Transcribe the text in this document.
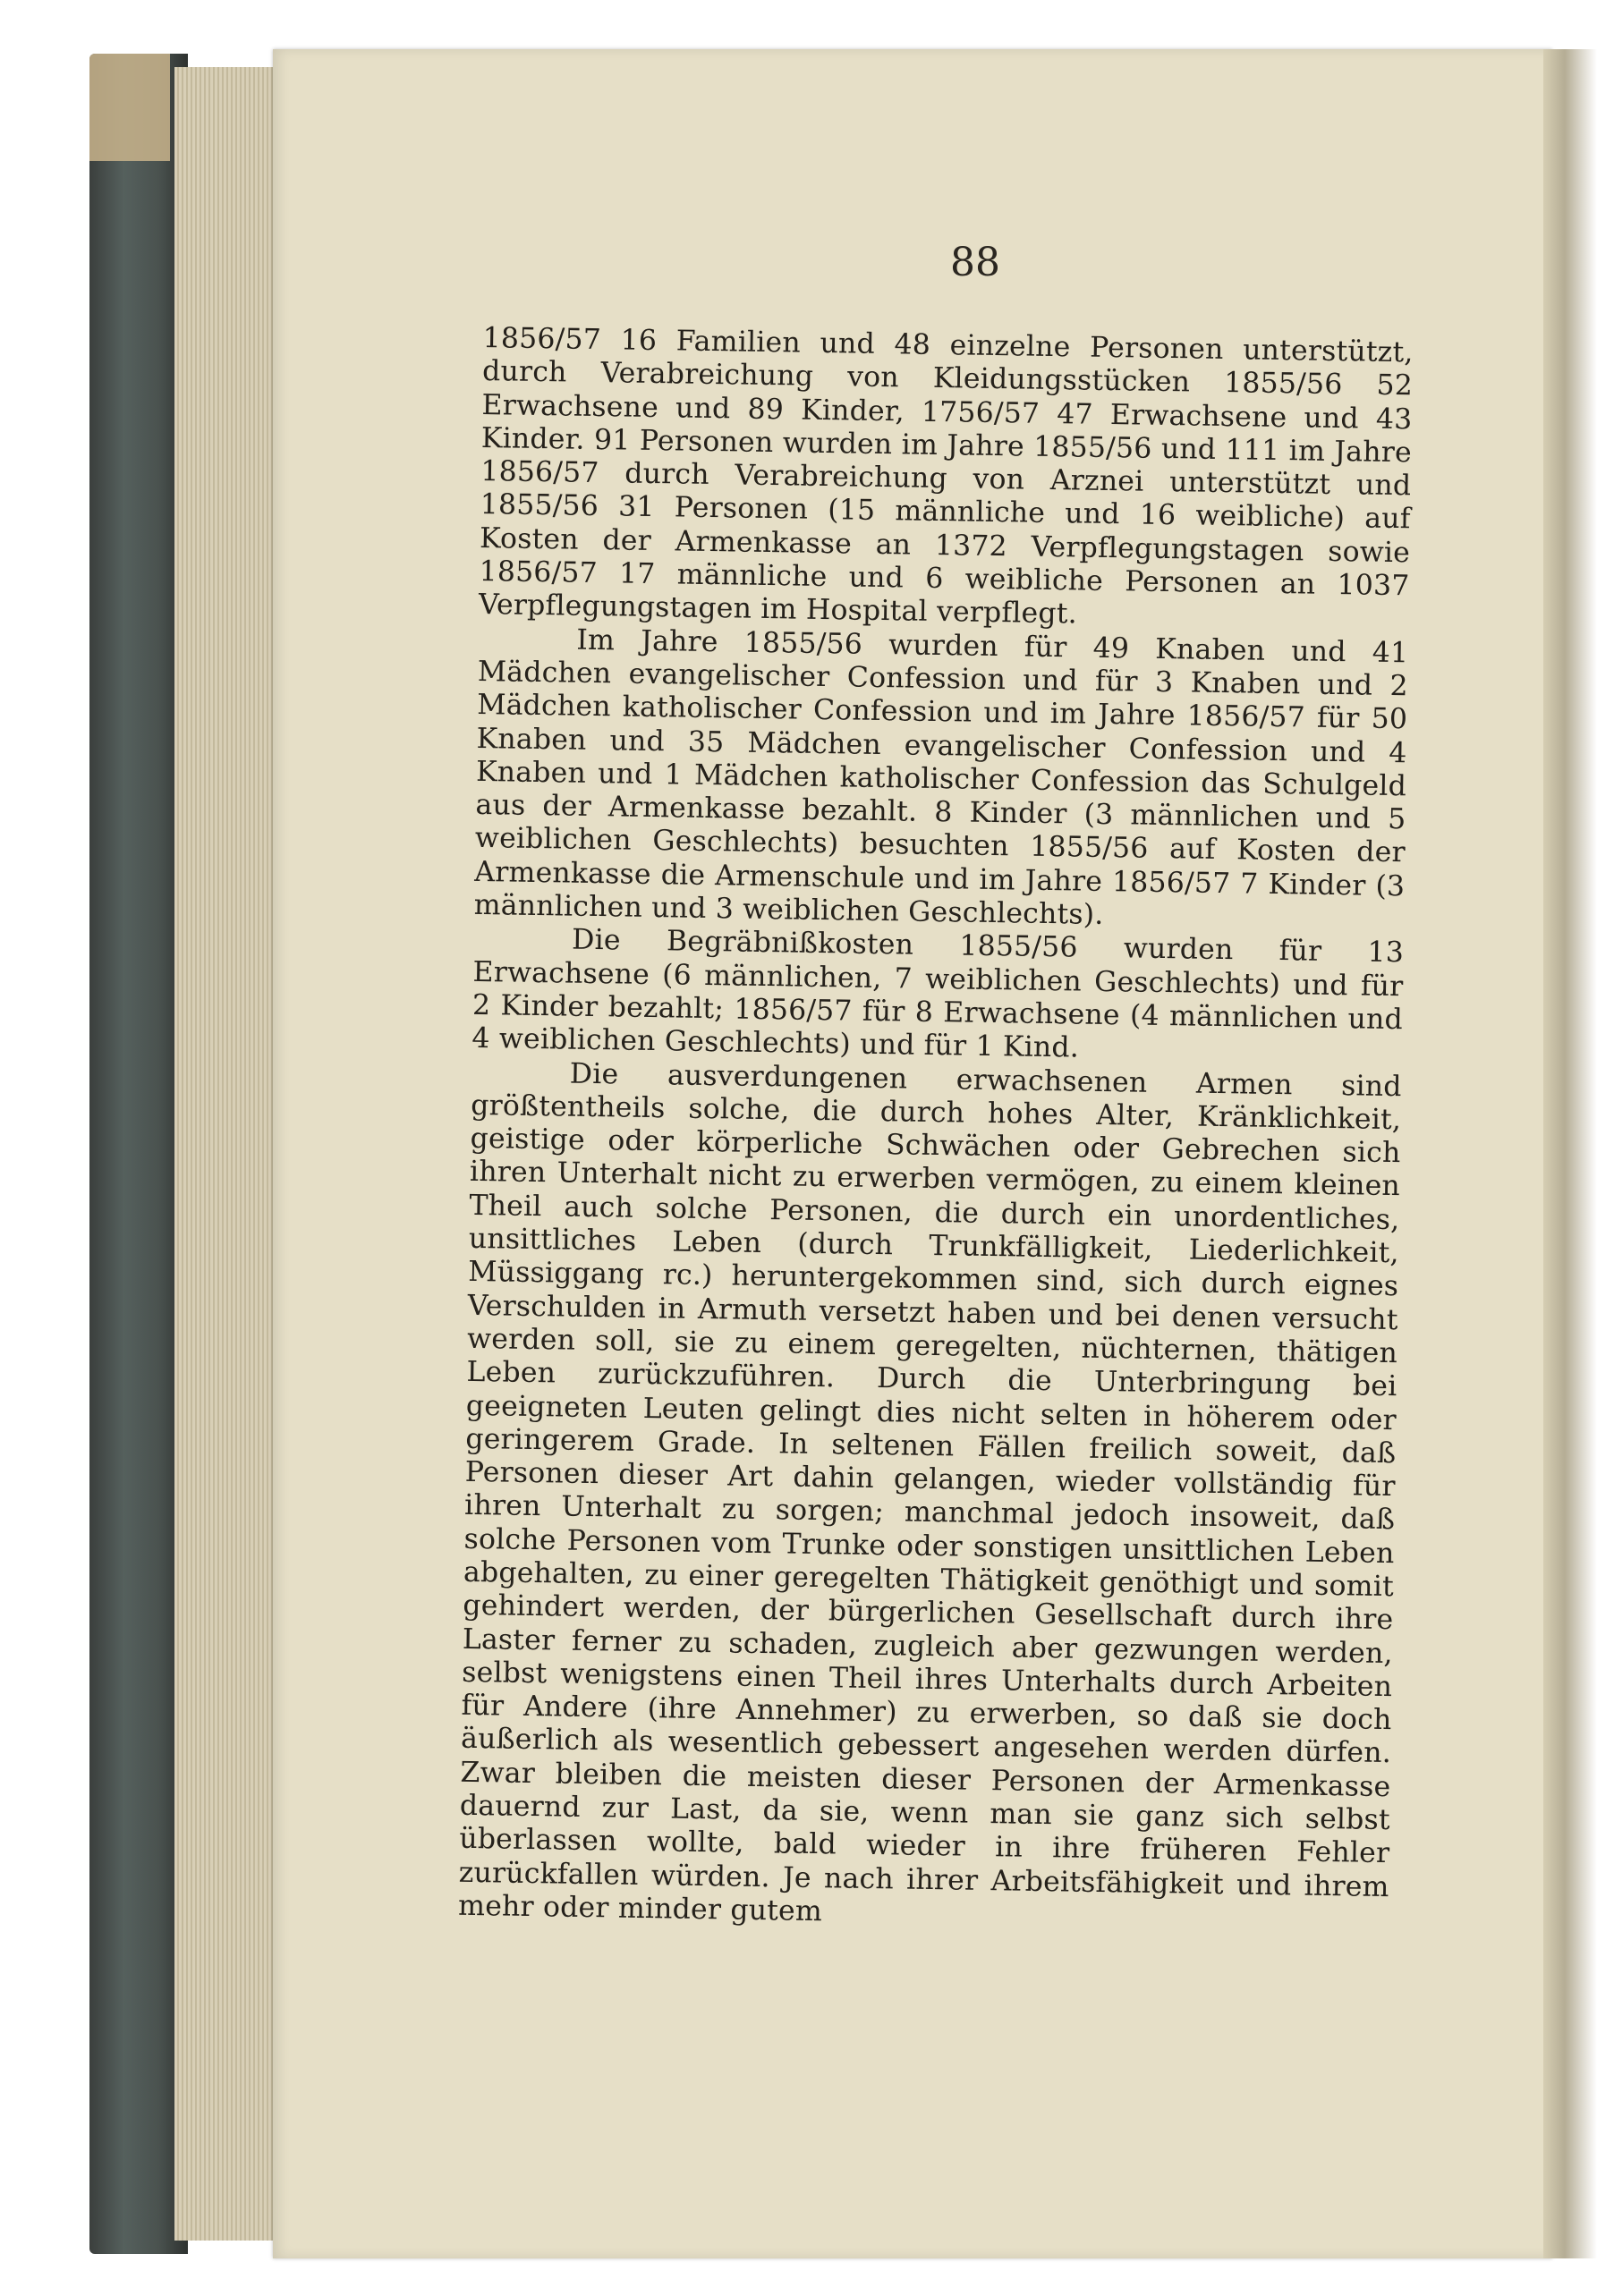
88

1856/57 16 Familien und 48 einzelne Personen unterstützt, durch Verabreichung von Kleidungsstücken 1855/56 52 Erwachsene und 89 Kinder, 1756/57 47 Erwachsene und 43 Kinder. 91 Personen wurden im Jahre 1855/56 und 111 im Jahre 1856/57 durch Verabreichung von Arznei unterstützt und 1855/56 31 Personen (15 männliche und 16 weibliche) auf Kosten der Armenkasse an 1372 Verpflegungstagen sowie 1856/57 17 männliche und 6 weibliche Personen an 1037 Verpflegungstagen im Hospital verpflegt.

Im Jahre 1855/56 wurden für 49 Knaben und 41 Mädchen evangelischer Confession und für 3 Knaben und 2 Mädchen katholischer Confession und im Jahre 1856/57 für 50 Knaben und 35 Mädchen evangelischer Confession und 4 Knaben und 1 Mädchen katholischer Confession das Schulgeld aus der Armenkasse bezahlt. 8 Kinder (3 männlichen und 5 weiblichen Geschlechts) besuchten 1855/56 auf Kosten der Armenkasse die Armenschule und im Jahre 1856/57 7 Kinder (3 männlichen und 3 weiblichen Geschlechts).

Die Begräbnißkosten 1855/56 wurden für 13 Erwachsene (6 männlichen, 7 weiblichen Geschlechts) und für 2 Kinder bezahlt; 1856/57 für 8 Erwachsene (4 männlichen und 4 weiblichen Geschlechts) und für 1 Kind.

Die ausverdungenen erwachsenen Armen sind größtentheils solche, die durch hohes Alter, Kränklichkeit, geistige oder körperliche Schwächen oder Gebrechen sich ihren Unterhalt nicht zu erwerben vermögen, zu einem kleinen Theil auch solche Personen, die durch ein unordentliches, unsittliches Leben (durch Trunkfälligkeit, Liederlichkeit, Müssiggang rc.) heruntergekommen sind, sich durch eignes Verschulden in Armuth versetzt haben und bei denen versucht werden soll, sie zu einem geregelten, nüchternen, thätigen Leben zurückzuführen. Durch die Unterbringung bei geeigneten Leuten gelingt dies nicht selten in höherem oder geringerem Grade. In seltenen Fällen freilich soweit, daß Personen dieser Art dahin gelangen, wieder vollständig für ihren Unterhalt zu sorgen; manchmal jedoch insoweit, daß solche Personen vom Trunke oder sonstigen unsittlichen Leben abgehalten, zu einer geregelten Thätigkeit genöthigt und somit gehindert werden, der bürgerlichen Gesellschaft durch ihre Laster ferner zu schaden, zugleich aber gezwungen werden, selbst wenigstens einen Theil ihres Unterhalts durch Arbeiten für Andere (ihre Annehmer) zu erwerben, so daß sie doch äußerlich als wesentlich gebessert angesehen werden dürfen. Zwar bleiben die meisten dieser Personen der Armenkasse dauernd zur Last, da sie, wenn man sie ganz sich selbst überlassen wollte, bald wieder in ihre früheren Fehler zurückfallen würden. Je nach ihrer Arbeitsfähigkeit und ihrem mehr oder minder gutem
